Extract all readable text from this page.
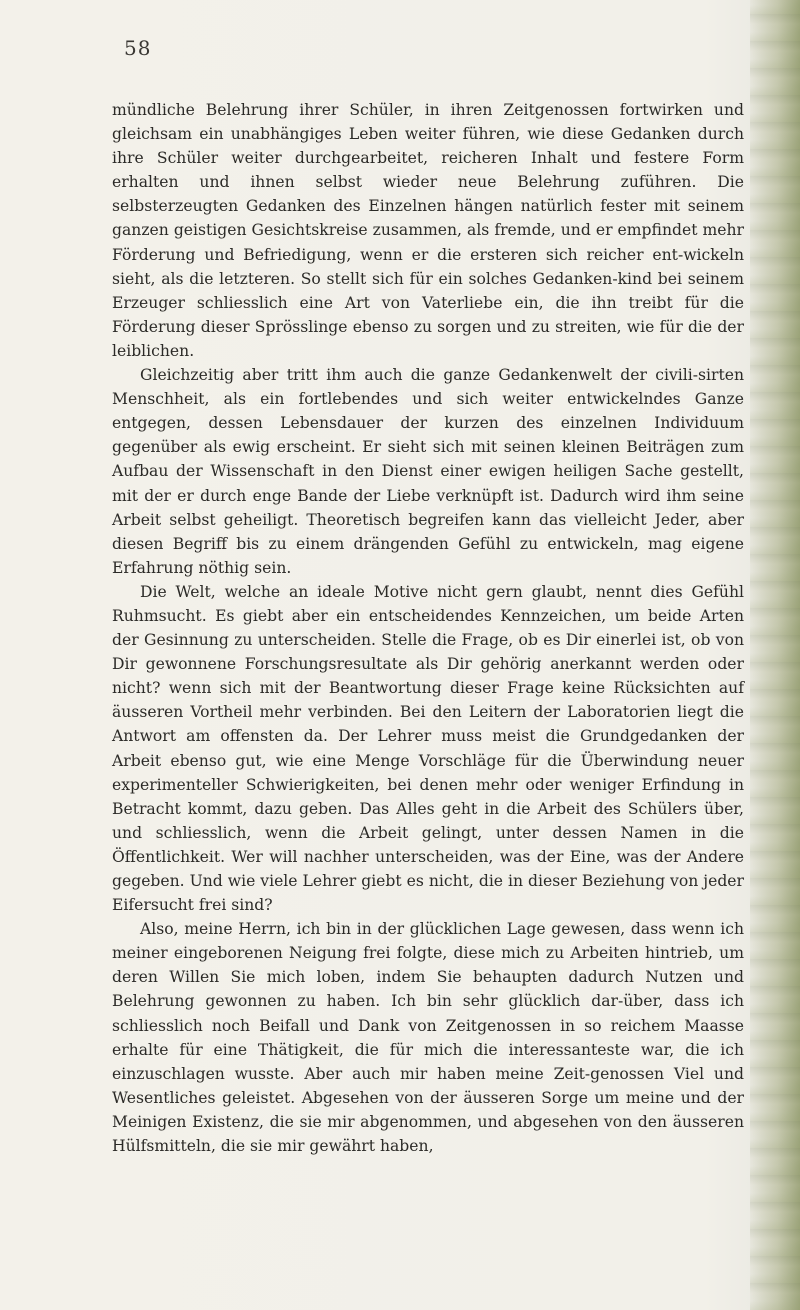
58

mündliche Belehrung ihrer Schüler, in ihren Zeitgenossen fortwirken und gleichsam ein unabhängiges Leben weiter führen, wie diese Gedanken durch ihre Schüler weiter durchgearbeitet, reicheren Inhalt und festere Form erhalten und ihnen selbst wieder neue Belehrung zuführen. Die selbsterzeugten Gedanken des Einzelnen hängen natürlich fester mit seinem ganzen geistigen Gesichtskreise zusammen, als fremde, und er empfindet mehr Förderung und Befriedigung, wenn er die ersteren sich reicher ent-wickeln sieht, als die letzteren. So stellt sich für ein solches Gedanken-kind bei seinem Erzeuger schliesslich eine Art von Vaterliebe ein, die ihn treibt für die Förderung dieser Sprösslinge ebenso zu sorgen und zu streiten, wie für die der leiblichen.

Gleichzeitig aber tritt ihm auch die ganze Gedankenwelt der civili-sirten Menschheit, als ein fortlebendes und sich weiter entwickelndes Ganze entgegen, dessen Lebensdauer der kurzen des einzelnen Individuum gegenüber als ewig erscheint. Er sieht sich mit seinen kleinen Beiträgen zum Aufbau der Wissenschaft in den Dienst einer ewigen heiligen Sache gestellt, mit der er durch enge Bande der Liebe verknüpft ist. Dadurch wird ihm seine Arbeit selbst geheiligt. Theoretisch begreifen kann das vielleicht Jeder, aber diesen Begriff bis zu einem drängenden Gefühl zu entwickeln, mag eigene Erfahrung nöthig sein.

Die Welt, welche an ideale Motive nicht gern glaubt, nennt dies Gefühl Ruhmsucht. Es giebt aber ein entscheidendes Kennzeichen, um beide Arten der Gesinnung zu unterscheiden. Stelle die Frage, ob es Dir einerlei ist, ob von Dir gewonnene Forschungsresultate als Dir gehörig anerkannt werden oder nicht? wenn sich mit der Beantwortung dieser Frage keine Rücksichten auf äusseren Vortheil mehr verbinden. Bei den Leitern der Laboratorien liegt die Antwort am offensten da. Der Lehrer muss meist die Grundgedanken der Arbeit ebenso gut, wie eine Menge Vorschläge für die Überwindung neuer experimenteller Schwierigkeiten, bei denen mehr oder weniger Erfindung in Betracht kommt, dazu geben. Das Alles geht in die Arbeit des Schülers über, und schliesslich, wenn die Arbeit gelingt, unter dessen Namen in die Öffentlichkeit. Wer will nachher unterscheiden, was der Eine, was der Andere gegeben. Und wie viele Lehrer giebt es nicht, die in dieser Beziehung von jeder Eifersucht frei sind?

Also, meine Herrn, ich bin in der glücklichen Lage gewesen, dass wenn ich meiner eingeborenen Neigung frei folgte, diese mich zu Arbeiten hintrieb, um deren Willen Sie mich loben, indem Sie behaupten dadurch Nutzen und Belehrung gewonnen zu haben. Ich bin sehr glücklich dar-über, dass ich schliesslich noch Beifall und Dank von Zeitgenossen in so reichem Maasse erhalte für eine Thätigkeit, die für mich die interessanteste war, die ich einzuschlagen wusste. Aber auch mir haben meine Zeit-genossen Viel und Wesentliches geleistet. Abgesehen von der äusseren Sorge um meine und der Meinigen Existenz, die sie mir abgenommen, und abgesehen von den äusseren Hülfsmitteln, die sie mir gewährt haben,
